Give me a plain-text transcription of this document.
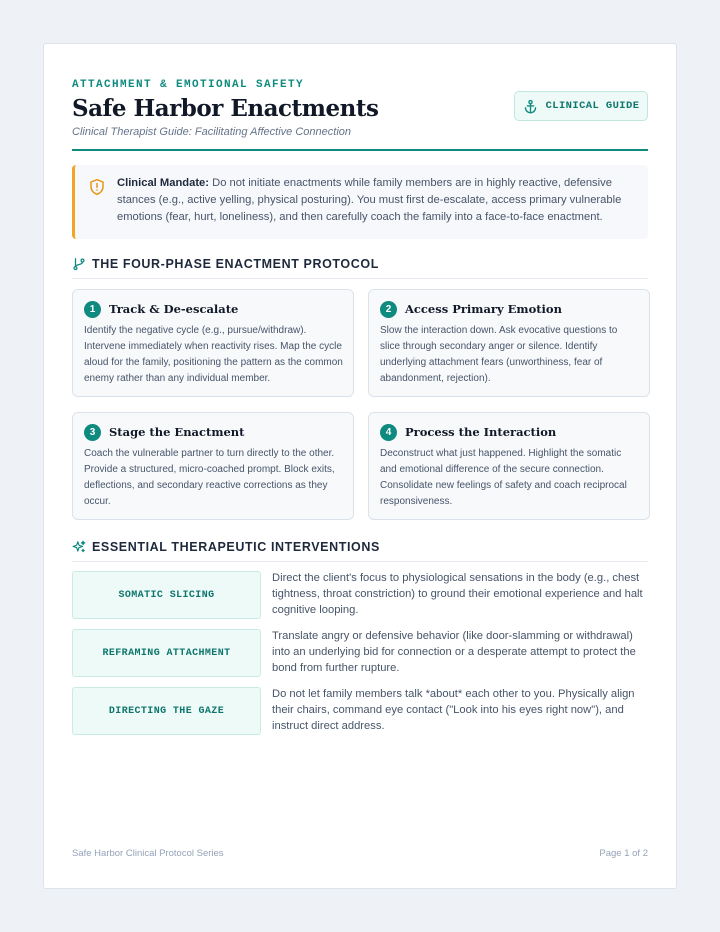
ATTACHMENT & EMOTIONAL SAFETY
Safe Harbor Enactments
Clinical Therapist Guide: Facilitating Affective Connection
CLINICAL GUIDE

Clinical Mandate: Do not initiate enactments while family members are in highly reactive, defensive stances (e.g., active yelling, physical posturing). You must first de-escalate, access primary vulnerable emotions (fear, hurt, loneliness), and then carefully coach the family into a face-to-face enactment.

THE FOUR-PHASE ENACTMENT PROTOCOL
1	Track & De-escalate
Identify the negative cycle (e.g., pursue/withdraw). Intervene immediately when reactivity rises. Map the cycle aloud for the family, positioning the pattern as the common enemy rather than any individual member.
2	Access Primary Emotion
Slow the interaction down. Ask evocative questions to slice through secondary anger or silence. Identify underlying attachment fears (unworthiness, fear of abandonment, rejection).
3	Stage the Enactment
Coach the vulnerable partner to turn directly to the other. Provide a structured, micro-coached prompt. Block exits, deflections, and secondary reactive corrections as they occur.
4	Process the Interaction
Deconstruct what just happened. Highlight the somatic and emotional difference of the secure connection. Consolidate new feelings of safety and coach reciprocal responsiveness.
ESSENTIAL THERAPEUTIC INTERVENTIONS
SOMATIC SLICING
Direct the client's focus to physiological sensations in the body (e.g., chest tightness, throat constriction) to ground their emotional experience and halt cognitive looping.
REFRAMING ATTACHMENT
Translate angry or defensive behavior (like door-slamming or withdrawal) into an underlying bid for connection or a desperate attempt to protect the bond from further rupture.
DIRECTING THE GAZE
Do not let family members talk *about* each other to you. Physically align their chairs, command eye contact ("Look into his eyes right now"), and instruct direct address.
Safe Harbor Clinical Protocol Series	Page 1 of 2
